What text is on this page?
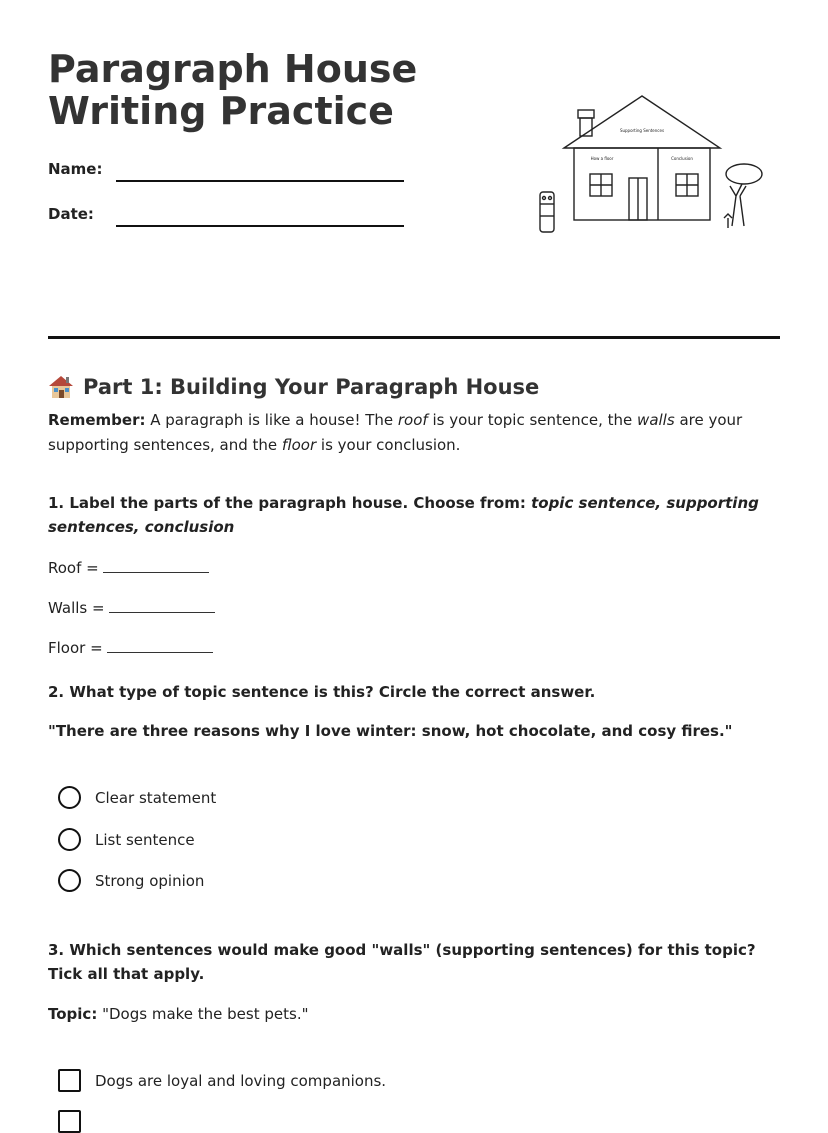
Paragraph House
Writing Practice
Name:
Date:
Supporting Sentences
How a floor	Conclusion
Part 1: Building Your Paragraph House

Remember: A paragraph is like a house! The roof is your topic sentence, the walls are your supporting sentences, and the floor is your conclusion.

1. Label the parts of the paragraph house. Choose from: topic sentence, supporting sentences, conclusion

Roof =
Walls =
Floor =

2. What type of topic sentence is this? Circle the correct answer.

"There are three reasons why I love winter: snow, hot chocolate, and cosy fires."

Clear statement
List sentence
Strong opinion

3. Which sentences would make good "walls" (supporting sentences) for this topic? Tick all that apply.

Topic: "Dogs make the best pets."

Dogs are loyal and loving companions.
